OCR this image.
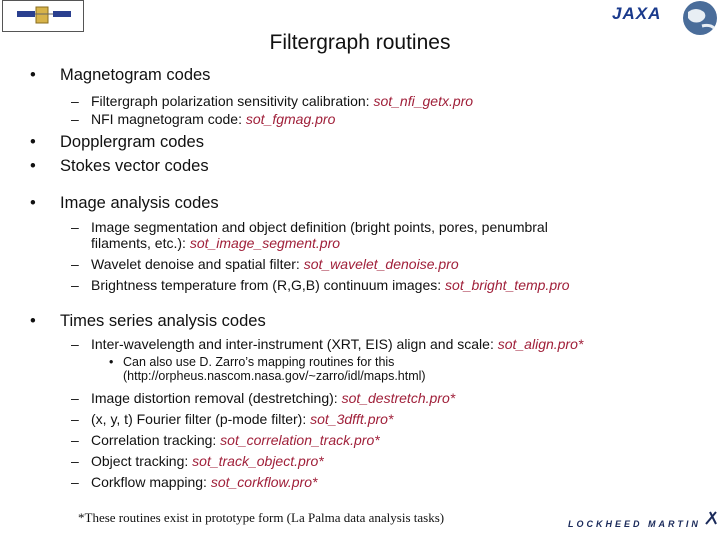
JAXA
Filtergraph routines
• Magnetogram codes
– Filtergraph polarization sensitivity calibration: sot_nfi_getx.pro
– NFI magnetogram code: sot_fgmag.pro
• Dopplergram codes
• Stokes vector codes
• Image analysis codes
– Image segmentation and object definition (bright points, pores, penumbral
filaments, etc.): sot_image_segment.pro
– Wavelet denoise and spatial filter: sot_wavelet_denoise.pro
– Brightness temperature from (R,G,B) continuum images: sot_bright_temp.pro
• Times series analysis codes
– Inter-wavelength and inter-instrument (XRT, EIS) align and scale: sot_align.pro*
• Can also use D. Zarro’s mapping routines for this
(http://orpheus.nascom.nasa.gov/~zarro/idl/maps.html)
– Image distortion removal (destretching): sot_destretch.pro*
– (x, y, t) Fourier filter (p-mode filter): sot_3dfft.pro*
– Correlation tracking: sot_correlation_track.pro*
– Object tracking: sot_track_object.pro*
– Corkflow mapping: sot_corkflow.pro*
*These routines exist in prototype form (La Palma data analysis tasks)	LOCKHEED MARTIN
